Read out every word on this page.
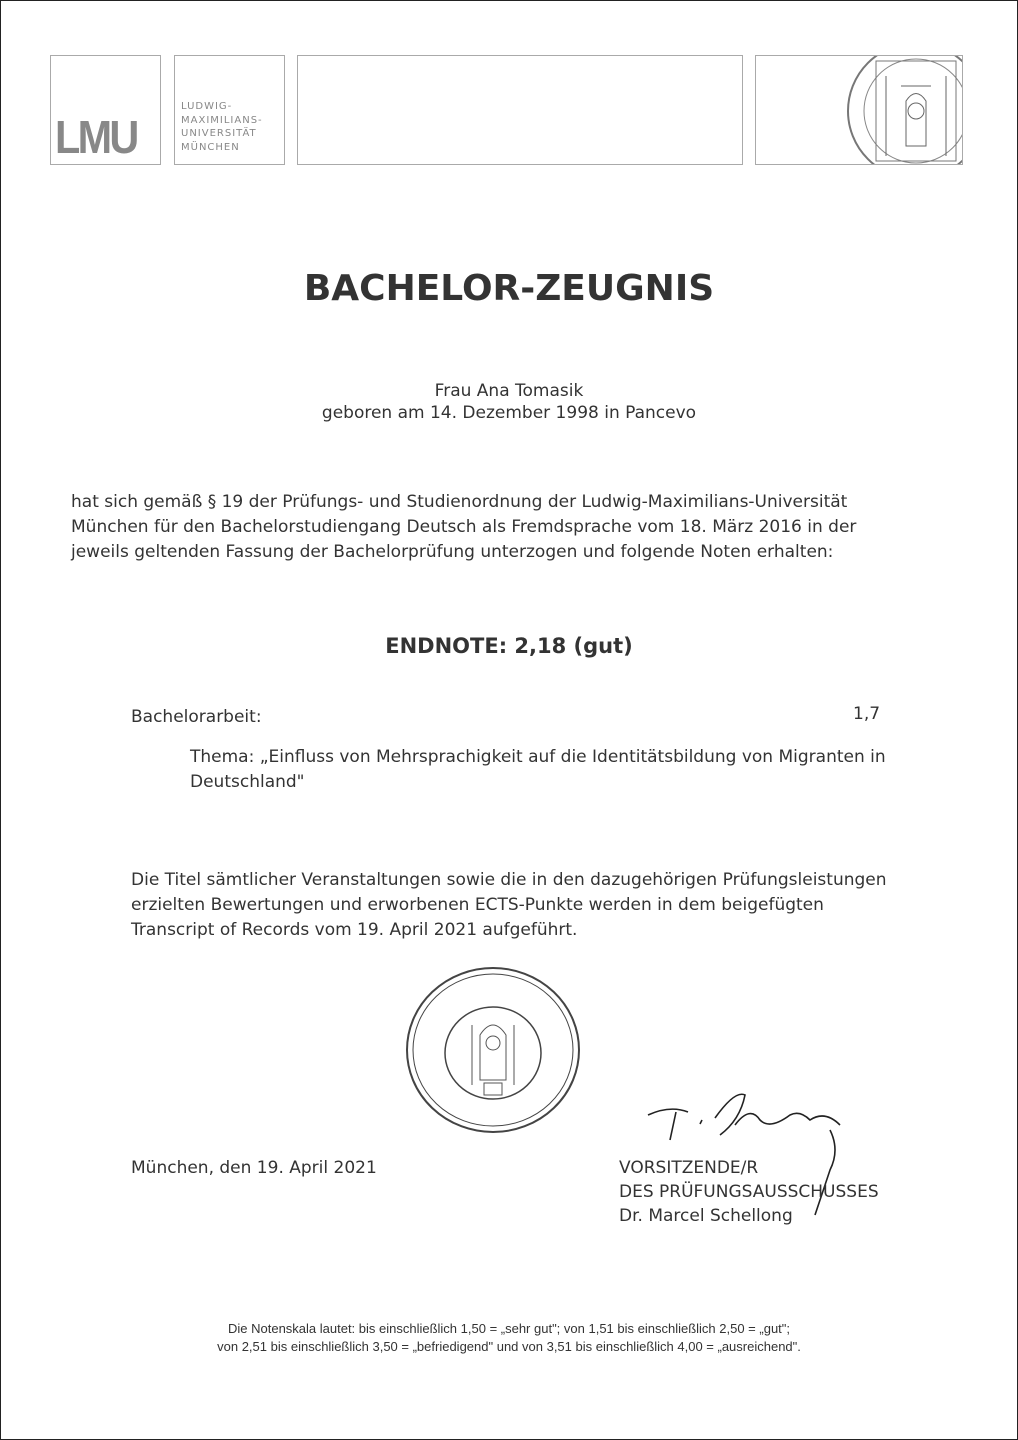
LMU
LUDWIG-
MAXIMILIANS-
UNIVERSITÄT
MÜNCHEN
BACHELOR-ZEUGNIS
Frau Ana Tomasik
geboren am 14. Dezember 1998 in Pancevo
hat sich gemäß § 19 der Prüfungs- und Studienordnung der Ludwig-Maximilians-Universität
München für den Bachelorstudiengang Deutsch als Fremdsprache vom 18. März 2016 in der
jeweils geltenden Fassung der Bachelorprüfung unterzogen und folgende Noten erhalten:
ENDNOTE: 2,18 (gut)
Bachelorarbeit:	1,7
Thema: „Einfluss von Mehrsprachigkeit auf die Identitätsbildung von Migranten in
Deutschland"
Die Titel sämtlicher Veranstaltungen sowie die in den dazugehörigen Prüfungsleistungen
erzielten Bewertungen und erworbenen ECTS-Punkte werden in dem beigefügten
Transcript of Records vom 19. April 2021 aufgeführt.
München, den 19. April 2021	VORSITZENDE/R
DES PRÜFUNGSAUSSCHUSSES
Dr. Marcel Schellong
Die Notenskala lautet: bis einschließlich 1,50 = „sehr gut"; von 1,51 bis einschließlich 2,50 = „gut";
von 2,51 bis einschließlich 3,50 = „befriedigend" und von 3,51 bis einschließlich 4,00 = „ausreichend".
